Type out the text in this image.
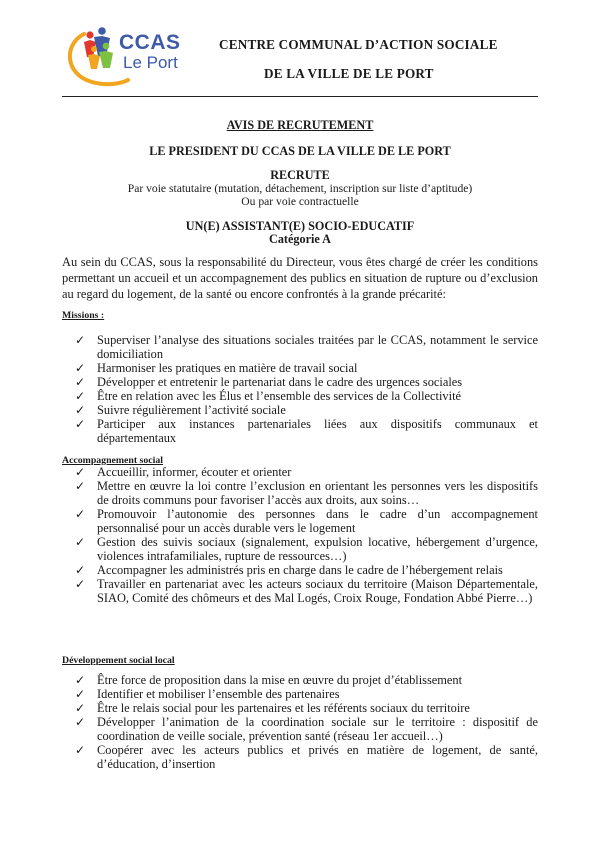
CCAS
Le Port
CENTRE COMMUNAL D’ACTION SOCIALE
DE LA VILLE DE LE PORT
AVIS DE RECRUTEMENT
LE PRESIDENT DU CCAS DE LA VILLE DE LE PORT
RECRUTE
Par voie statutaire (mutation, détachement, inscription sur liste d’aptitude)
Ou par voie contractuelle
UN(E) ASSISTANT(E) SOCIO-EDUCATIF
Catégorie A

Au sein du CCAS, sous la responsabilité du Directeur, vous êtes chargé de créer les conditions permettant un accueil et un accompagnement des publics en situation de rupture ou d’exclusion au regard du logement, de la santé ou encore confrontés à la grande précarité:

Missions :
✓ Superviser l’analyse des situations sociales traitées par le CCAS, notamment le service domiciliation
✓ Harmoniser les pratiques en matière de travail social
✓ Développer et entretenir le partenariat dans le cadre des urgences sociales
✓ Être en relation avec les Élus et l’ensemble des services de la Collectivité
✓ Suivre régulièrement l’activité sociale
✓ Participer aux instances partenariales liées aux dispositifs communaux et départementaux
Accompagnement social
✓ Accueillir, informer, écouter et orienter
✓ Mettre en œuvre la loi contre l’exclusion en orientant les personnes vers les dispositifs de droits communs pour favoriser l’accès aux droits, aux soins…
✓ Promouvoir l’autonomie des personnes dans le cadre d’un accompagnement personnalisé pour un accès durable vers le logement
✓ Gestion des suivis sociaux (signalement, expulsion locative, hébergement d’urgence, violences intrafamiliales, rupture de ressources…)
✓ Accompagner les administrés pris en charge dans le cadre de l’hébergement relais
✓ Travailler en partenariat avec les acteurs sociaux du territoire (Maison Départementale, SIAO, Comité des chômeurs et des Mal Logés, Croix Rouge, Fondation Abbé Pierre…)
Développement social local
✓ Être force de proposition dans la mise en œuvre du projet d’établissement
✓ Identifier et mobiliser l’ensemble des partenaires
✓ Être le relais social pour les partenaires et les référents sociaux du territoire
✓ Développer l’animation de la coordination sociale sur le territoire : dispositif de coordination de veille sociale, prévention santé (réseau 1er accueil…)
✓ Coopérer avec les acteurs publics et privés en matière de logement, de santé, d’éducation, d’insertion
